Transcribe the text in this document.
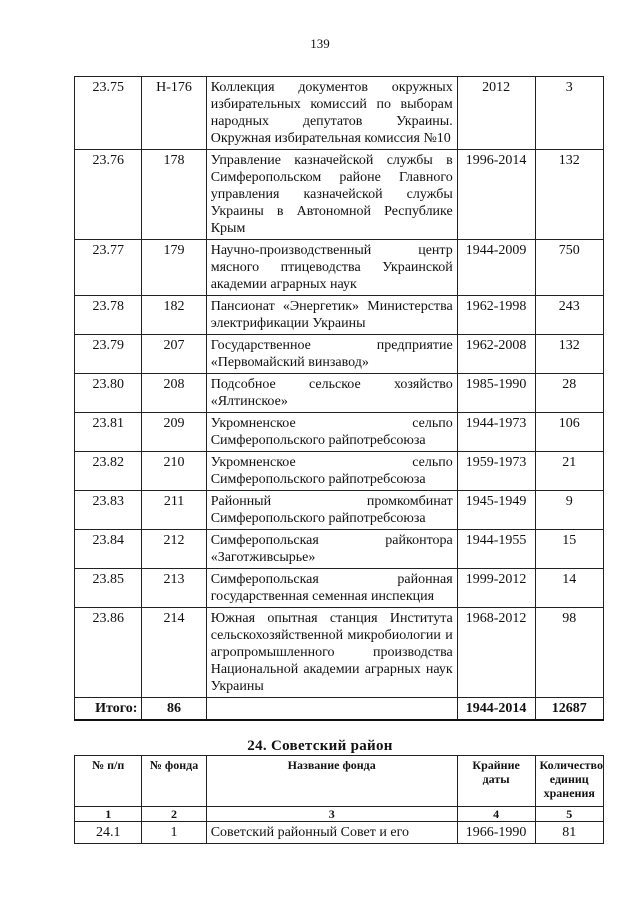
139
23.75	Н-176	Коллекция документов окружных избирательных комиссий по выборам народных депутатов Украины. Окружная избирательная комиссия №10	2012	3
23.76	178	Управление казначейской службы в Симферопольском районе Главного управления казначейской службы Украины в Автономной Республике Крым	1996-2014	132
23.77	179	Научно-производственный центр мясного птицеводства Украинской академии аграрных наук	1944-2009	750
23.78	182	Пансионат «Энергетик» Министерства электрификации Украины	1962-1998	243
23.79	207	Государственное предприятие «Первомайский винзавод»	1962-2008	132
23.80	208	Подсобное сельское хозяйство «Ялтинское»	1985-1990	28
23.81	209	Укромненское сельпо Симферопольского райпотребсоюза	1944-1973	106
23.82	210	Укромненское сельпо Симферопольского райпотребсоюза	1959-1973	21
23.83	211	Районный промкомбинат Симферопольского райпотребсоюза	1945-1949	9
23.84	212	Симферопольская райконтора «Заготживсырье»	1944-1955	15
23.85	213	Симферопольская районная государственная семенная инспекция	1999-2012	14
23.86	214	Южная опытная станция Института сельскохозяйственной микробиологии и агропромышленного производства Национальной академии аграрных наук Украины	1968-2012	98
Итого:	86		1944-2014	12687
24. Советский район
№ п/п	№ фонда	Название фонда	Крайние даты	Количество единиц хранения
1	2	3	4	5
24.1	1	Советский районный Совет и его	1966-1990	81
